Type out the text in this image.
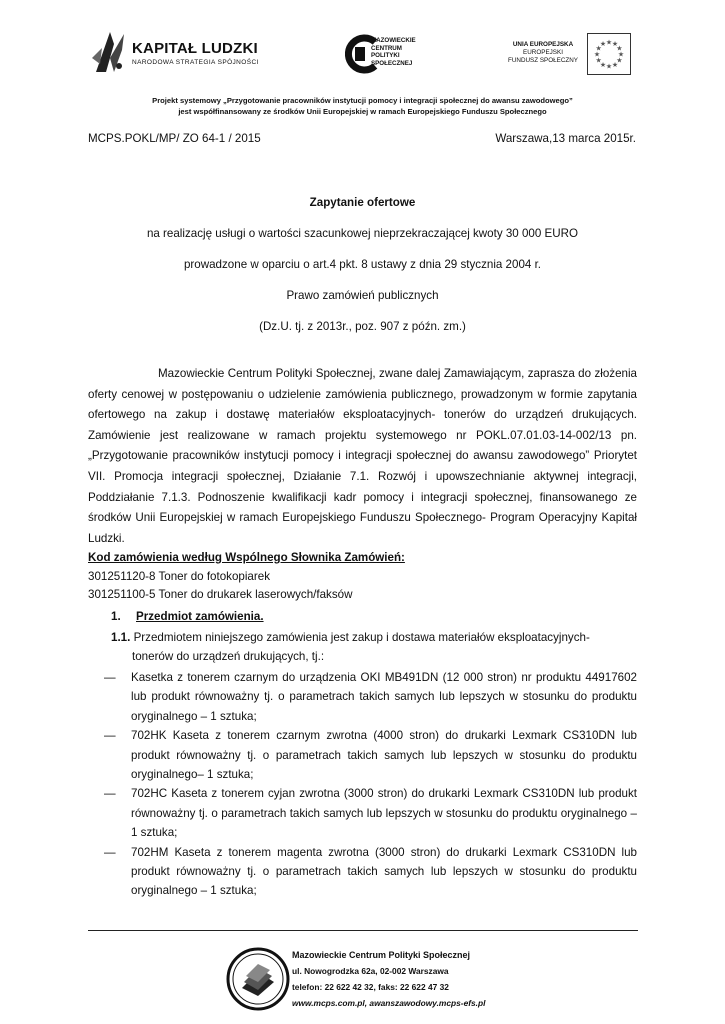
KAPITAŁ LUDZKI
NARODOWA STRATEGIA SPÓJNOŚCI
MAZOWIECKIE
CENTRUM
POLITYKI
SPOŁECZNEJ
UNIA EUROPEJSKA
EUROPEJSKI
FUNDUSZ SPOŁECZNY
★
★
★
★
★
★
★
★
★ ★ ★
★
Projekt systemowy „Przygotowanie pracowników instytucji pomocy i integracji społecznej do awansu zawodowego”
jest współfinansowany ze środków Unii Europejskiej w ramach Europejskiego Funduszu Społecznego
MCPS.POKL/MP/ ZO 64-1 / 2015	Warszawa,13 marca 2015r.
Zapytanie ofertowe
na realizację usługi o wartości szacunkowej nieprzekraczającej kwoty 30 000 EURO
prowadzone w oparciu o art.4 pkt. 8 ustawy z dnia 29 stycznia 2004 r.
Prawo zamówień publicznych
(Dz.U. tj. z 2013r., poz. 907 z późn. zm.)
Mazowieckie Centrum Polityki Społecznej, zwane dalej Zamawiającym, zaprasza do złożenia oferty cenowej w postępowaniu o udzielenie zamówienia publicznego, prowadzonym w formie zapytania ofertowego na zakup i dostawę materiałów eksploatacyjnych- tonerów do urządzeń drukujących. Zamówienie jest realizowane w ramach projektu systemowego nr POKL.07.01.03-14-002/13 pn. „Przygotowanie pracowników instytucji pomocy i integracji społecznej do awansu zawodowego” Priorytet VII. Promocja integracji społecznej, Działanie 7.1. Rozwój i upowszechnianie aktywnej integracji, Poddziałanie 7.1.3. Podnoszenie kwalifikacji kadr pomocy i integracji społecznej, finansowanego ze środków Unii Europejskiej w ramach Europejskiego Funduszu Społecznego- Program Operacyjny Kapitał Ludzki.
Kod zamówienia według Wspólnego Słownika Zamówień:
301251120-8 Toner do fotokopiarek
301251100-5 Toner do drukarek laserowych/faksów
1. Przedmiot zamówienia.
1.1. Przedmiotem niniejszego zamówienia jest zakup i dostawa materiałów eksploatacyjnych-
tonerów do urządzeń drukujących, tj.:
—	Kasetka z tonerem czarnym do urządzenia OKI MB491DN (12 000 stron) nr produktu 44917602 lub produkt równoważny tj. o parametrach takich samych lub lepszych w stosunku do produktu oryginalnego – 1 sztuka;
—	702HK Kaseta z tonerem czarnym zwrotna (4000 stron) do drukarki Lexmark CS310DN lub produkt równoważny tj. o parametrach takich samych lub lepszych w stosunku do produktu oryginalnego– 1 sztuka;
—	702HC Kaseta z tonerem cyjan zwrotna (3000 stron) do drukarki Lexmark CS310DN lub produkt równoważny tj. o parametrach takich samych lub lepszych w stosunku do produktu oryginalnego – 1 sztuka;
—	702HM Kaseta z tonerem magenta zwrotna (3000 stron) do drukarki Lexmark CS310DN lub produkt równoważny tj. o parametrach takich samych lub lepszych w stosunku do produktu oryginalnego – 1 sztuka;
Mazowieckie Centrum Polityki Społecznej
ul. Nowogrodzka 62a, 02-002 Warszawa
telefon: 22 622 42 32, faks: 22 622 47 32
www.mcps.com.pl, awanszawodowy.mcps-efs.pl
